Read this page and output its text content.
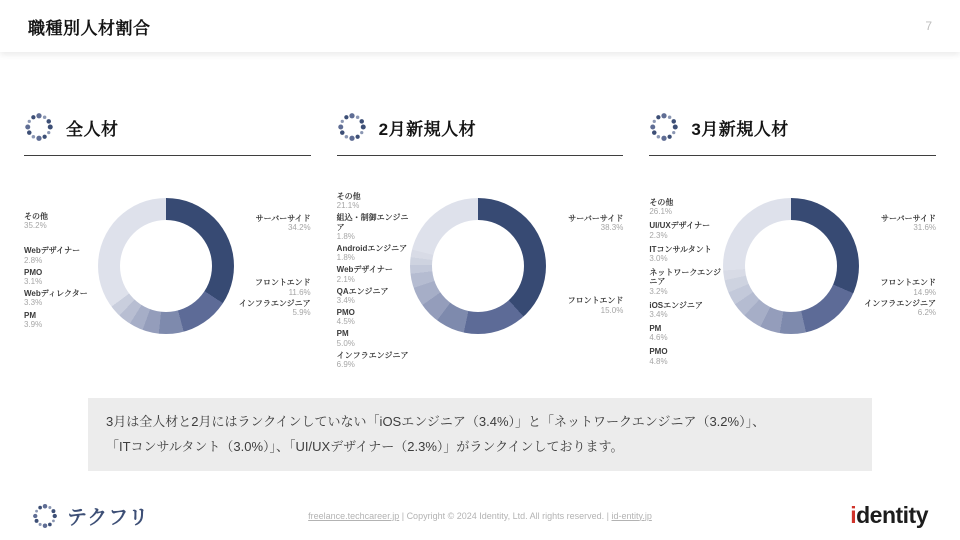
職種別人材割合	7
全人材
その他
35.2%
Webデザイナー
2.8%
PMO
3.1%
Webディレクター
3.3%
PM
3.9%
サーバーサイド
34.2%
フロントエンド
11.6%
インフラエンジニア
5.9%
2月新規人材
その他
21.1%
組込・制御エンジニア
1.8%
Androidエンジニア
1.8%
Webデザイナー
2.1%
QAエンジニア
3.4%
PMO
4.5%
PM
5.0%
インフラエンジニア
6.9%
サーバーサイド
38.3%
フロントエンド
15.0%
3月新規人材
その他
26.1%
UI/UXデザイナー
2.3%
ITコンサルタント
3.0%
ネットワークエンジニア
3.2%
iOSエンジニア
3.4%
PM
4.6%
PMO
4.8%
サーバーサイド
31.6%
フロントエンド
14.9%
インフラエンジニア
6.2%

3月は全人材と2月にはランクインしていない「iOSエンジニア（3.4%）」と「ネットワークエンジニア（3.2%）」、

「ITコンサルタント（3.0%）」、「UI/UXデザイナー（2.3%）」がランクインしております。

テクフリ	freelance.techcareer.jp | Copyright © 2024 Identity, Ltd. All rights reserved. | id-entity.jp	identity
